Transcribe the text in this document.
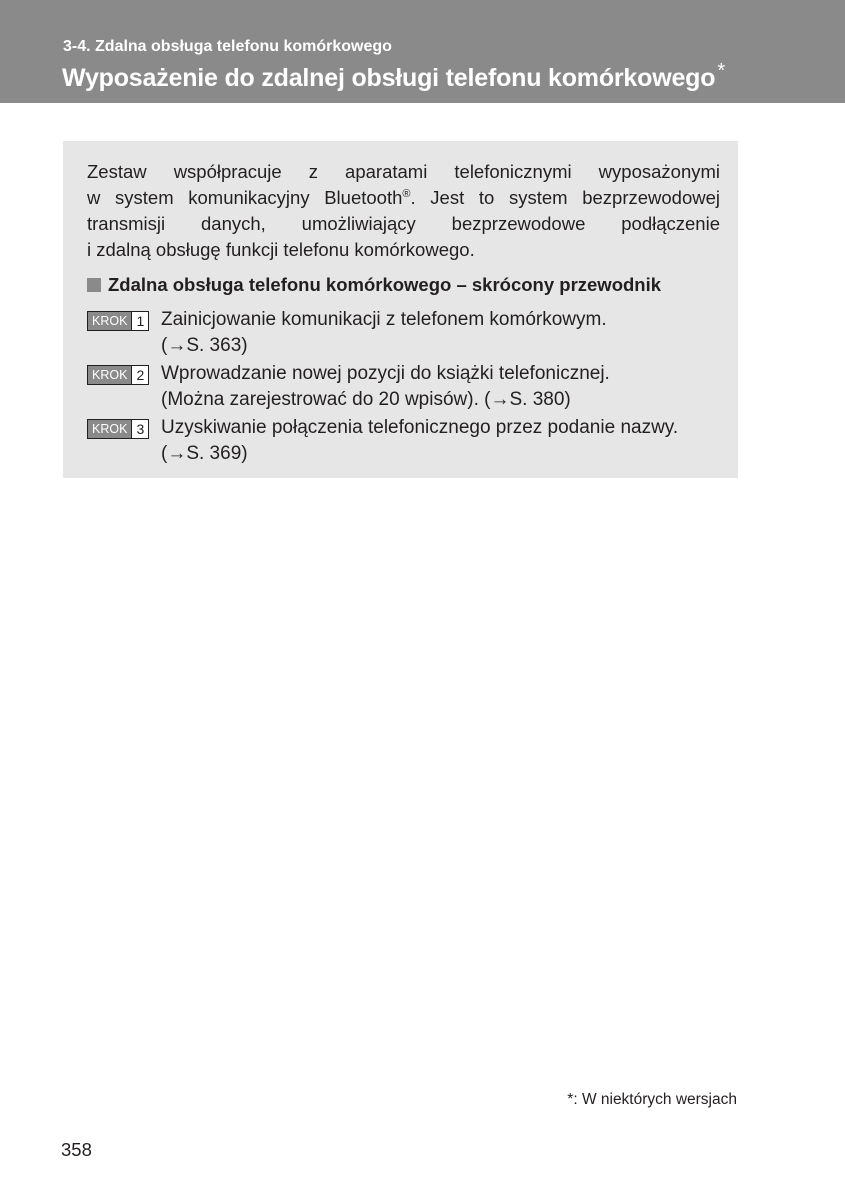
3-4. Zdalna obsługa telefonu komórkowego
Wyposażenie do zdalnej obsługi telefonu komórkowego *

Zestaw współpracuje z aparatami telefonicznymi wyposażonymi
w system komunikacyjny Bluetooth®. Jest to system bezprzewodowej
transmisji danych, umożliwiający bezprzewodowe podłączenie
i zdalną obsługę funkcji telefonu komórkowego.

Zdalna obsługa telefonu komórkowego – skrócony przewodnik
KROK 1 Zainicjowanie komunikacji z telefonem komórkowym.
(→S. 363)
KROK 2 Wprowadzanie nowej pozycji do książki telefonicznej.
(Można zarejestrować do 20 wpisów). (→S. 380)
KROK 3 Uzyskiwanie połączenia telefonicznego przez podanie nazwy.
(→S. 369)
*: W niektórych wersjach
358
